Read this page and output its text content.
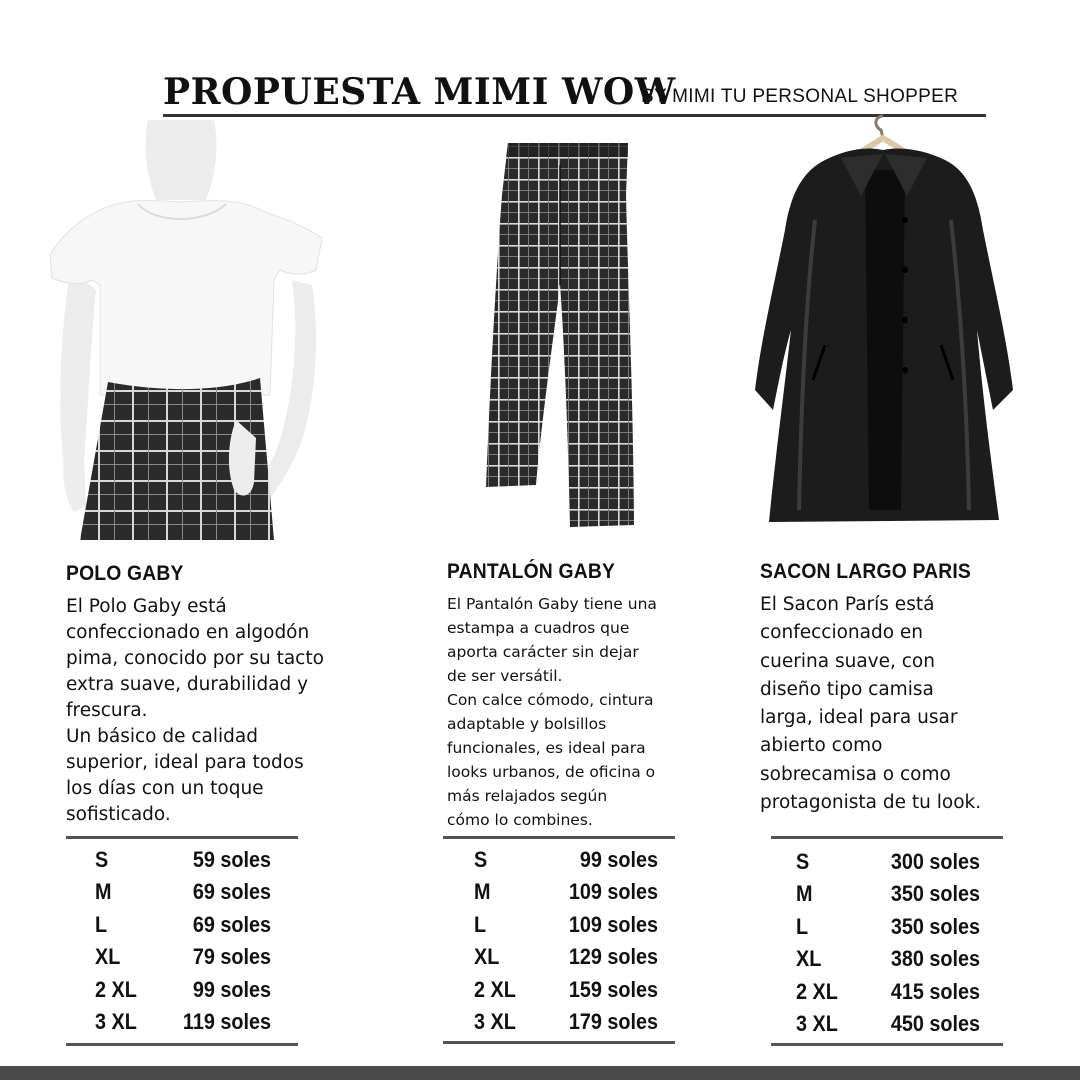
PROPUESTA MIMI WOW
BY MIMI TU PERSONAL SHOPPER
POLO GABY
El Polo Gaby está
confeccionado en algodón
pima, conocido por su tacto
extra suave, durabilidad y
frescura.
Un básico de calidad
superior, ideal para todos
los días con un toque
sofisticado.
S	59 soles
M	69 soles
L	69 soles
XL	79 soles
2 XL	99 soles
3 XL 119 soles
PANTALÓN GABY
El Pantalón Gaby tiene una
estampa a cuadros que
aporta carácter sin dejar
de ser versátil.
Con calce cómodo, cintura
adaptable y bolsillos
funcionales, es ideal para
looks urbanos, de oficina o
más relajados según
cómo lo combines.
S	99 soles
M	109 soles
L	109 soles
XL	129 soles
2 XL 159 soles
3 XL 179 soles
SACON LARGO PARIS
El Sacon París está
confeccionado en
cuerina suave, con
diseño tipo camisa
larga, ideal para usar
abierto como
sobrecamisa o como
protagonista de tu look.
S	300 soles
M	350 soles
L	350 soles
XL	380 soles
2 XL 415 soles
3 XL 450 soles
